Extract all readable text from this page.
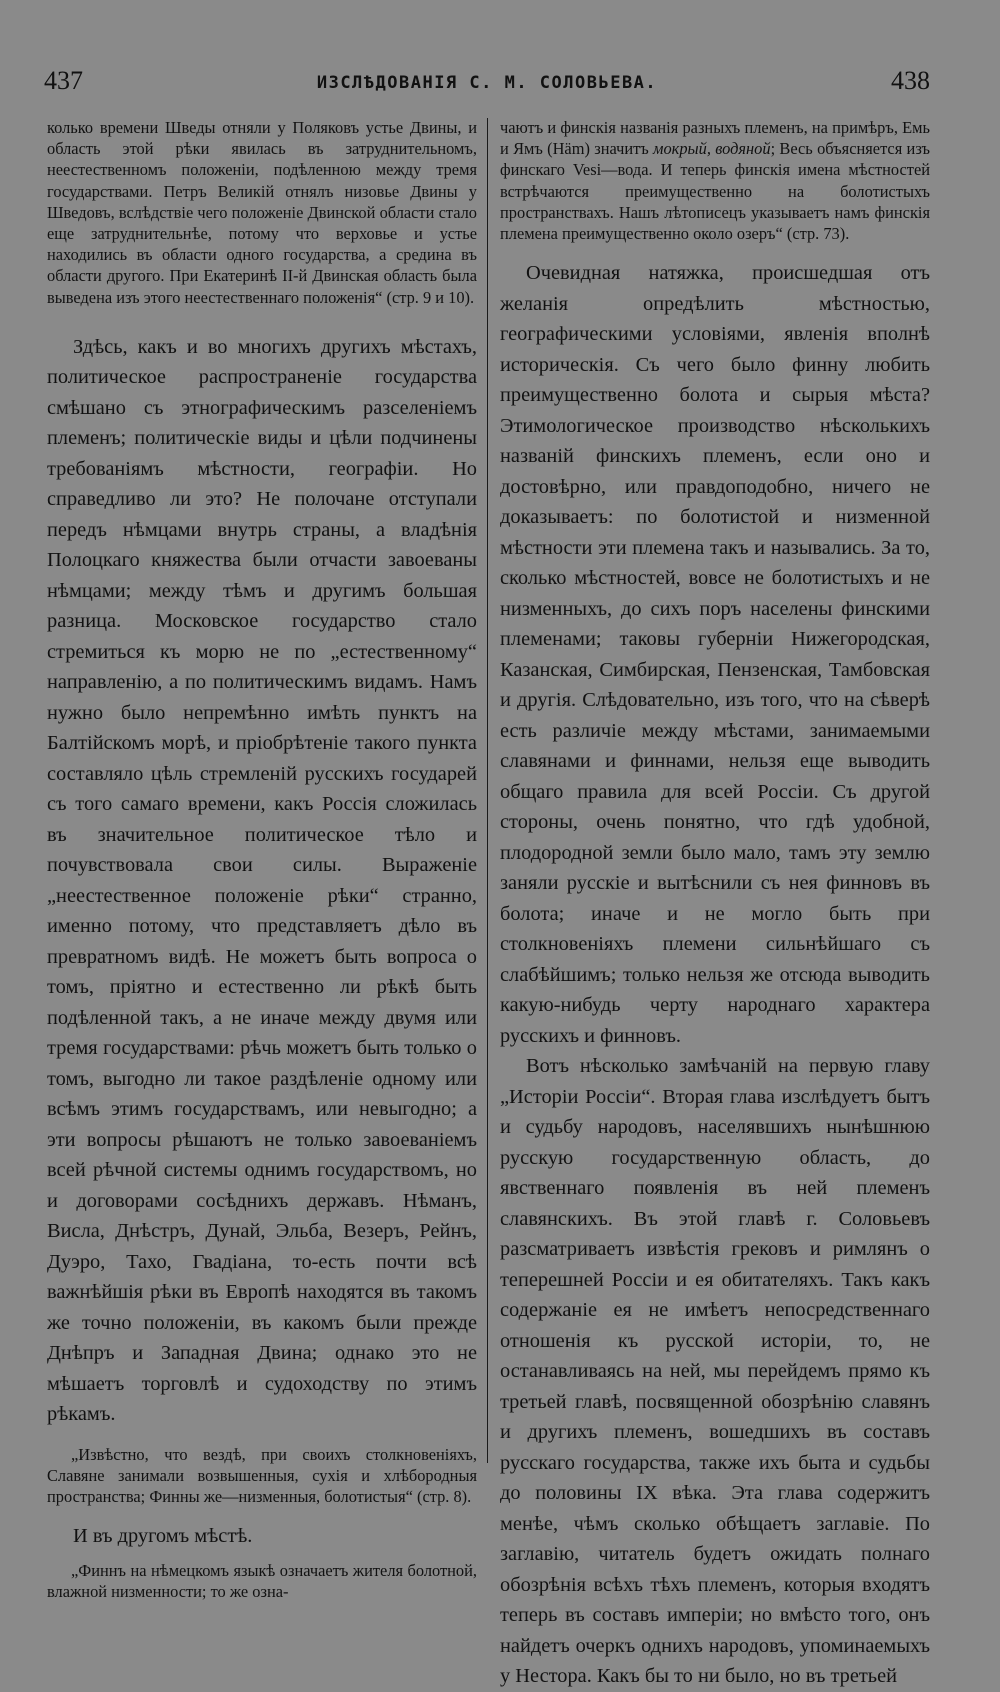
437	ИЗСЛѢДОВАНІЯ С. М. СОЛОВЬЕВА.	438

колько времени Шведы отняли у Поляковъ устье Двины, и область этой рѣки явилась въ затруднительномъ, неестественномъ положеніи, подѣленною между тремя государствами. Петръ Великій отнялъ низовье Двины у Шведовъ, вслѣдствіе чего положеніе Двинской области стало еще затруднительнѣе, потому что верховье и устье находились въ области одного государства, а средина въ области другого. При Екатеринѣ II-й Двинская область была выведена изъ этого неестественнаго положенія“ (стр. 9 и 10).

Здѣсь, какъ и во многихъ другихъ мѣстахъ, политическое распространеніе государства смѣшано съ этнографическимъ разселеніемъ племенъ; политическіе виды и цѣли подчинены требованіямъ мѣстности, географіи. Но справедливо ли это? Не полочане отступали передъ нѣмцами внутрь страны, а владѣнія Полоцкаго княжества были отчасти завоеваны нѣмцами; между тѣмъ и другимъ большая разница. Московское государство стало стремиться къ морю не по „естественному“ направленію, а по политическимъ видамъ. Намъ нужно было непремѣнно имѣть пунктъ на Балтійскомъ морѣ, и пріобрѣтеніе такого пункта составляло цѣль стремленій русскихъ государей съ того самаго времени, какъ Россія сложилась въ значительное политическое тѣло и почувствовала свои силы. Выраженіе „неестественное положеніе рѣки“ странно, именно потому, что представляетъ дѣло въ превратномъ видѣ. Не можетъ быть вопроса о томъ, пріятно и естественно ли рѣкѣ быть подѣленной такъ, а не иначе между двумя или тремя государствами: рѣчь можетъ быть только о томъ, выгодно ли такое раздѣленіе одному или всѣмъ этимъ государствамъ, или невыгодно; а эти вопросы рѣшаютъ не только завоеваніемъ всей рѣчной системы однимъ государствомъ, но и договорами сосѣднихъ державъ. Нѣманъ, Висла, Днѣстръ, Дунай, Эльба, Везеръ, Рейнъ, Дуэро, Тахо, Гвадіана, то-есть почти всѣ важнѣйшія рѣки въ Европѣ находятся въ такомъ же точно положеніи, въ какомъ были прежде Днѣпръ и Западная Двина; однако это не мѣшаетъ торговлѣ и судоходству по этимъ рѣкамъ.

„Извѣстно, что вездѣ, при своихъ столкновеніяхъ, Славяне занимали возвышенныя, сухія и хлѣбородныя пространства; Финны же—низменныя, болотистыя“ (стр. 8).

И въ другомъ мѣстѣ.

„Финнъ на нѣмецкомъ языкѣ означаетъ жителя болотной, влажной низменности; то же озна-

чаютъ и финскія названія разныхъ племенъ, на примѣръ, Емь и Ямъ (Häm) значитъ мокрый, водяной; Весь объясняется изъ финскаго Vesi—вода. И теперь финскія имена мѣстностей встрѣчаются преимущественно на болотистыхъ пространствахъ. Нашъ лѣтописецъ указываетъ намъ финскія племена преимущественно около озеръ“ (стр. 73).

Очевидная натяжка, происшедшая отъ желанія опредѣлить мѣстностью, географическими условіями, явленія вполнѣ историческія. Съ чего было финну любить преимущественно болота и сырыя мѣста? Этимологическое производство нѣсколькихъ названій финскихъ племенъ, если оно и достовѣрно, или правдоподобно, ничего не доказываетъ: по болотистой и низменной мѣстности эти племена такъ и назывались. За то, сколько мѣстностей, вовсе не болотистыхъ и не низменныхъ, до сихъ поръ населены финскими племенами; таковы губерніи Нижегородская, Казанская, Симбирская, Пензенская, Тамбовская и другія. Слѣдовательно, изъ того, что на сѣверѣ есть различіе между мѣстами, занимаемыми славянами и финнами, нельзя еще выводить общаго правила для всей Россіи. Съ другой стороны, очень понятно, что гдѣ удобной, плодородной земли было мало, тамъ эту землю заняли русскіе и вытѣснили съ нея финновъ въ болота; иначе и не могло быть при столкновеніяхъ племени сильнѣйшаго съ слабѣйшимъ; только нельзя же отсюда выводить какую-нибудь черту народнаго характера русскихъ и финновъ.

Вотъ нѣсколько замѣчаній на первую главу „Исторіи Россіи“. Вторая глава изслѣдуетъ бытъ и судьбу народовъ, населявшихъ нынѣшнюю русскую государственную область, до явственнаго появленія въ ней племенъ славянскихъ. Въ этой главѣ г. Соловьевъ разсматриваетъ извѣстія грековъ и римлянъ о теперешней Россіи и ея обитателяхъ. Такъ какъ содержаніе ея не имѣетъ непосредственнаго отношенія къ русской исторіи, то, не останавливаясь на ней, мы перейдемъ прямо къ третьей главѣ, посвященной обозрѣнію славянъ и другихъ племенъ, вошедшихъ въ составъ русскаго государства, также ихъ быта и судьбы до половины IX вѣка. Эта глава содержитъ менѣе, чѣмъ сколько обѣщаетъ заглавіе. По заглавію, читатель будетъ ожидать полнаго обозрѣнія всѣхъ тѣхъ племенъ, которыя входятъ теперь въ составъ имперіи; но вмѣсто того, онъ найдетъ очеркъ однихъ народовъ, упоминаемыхъ у Нестора. Какъ бы то ни было, но въ третьей
